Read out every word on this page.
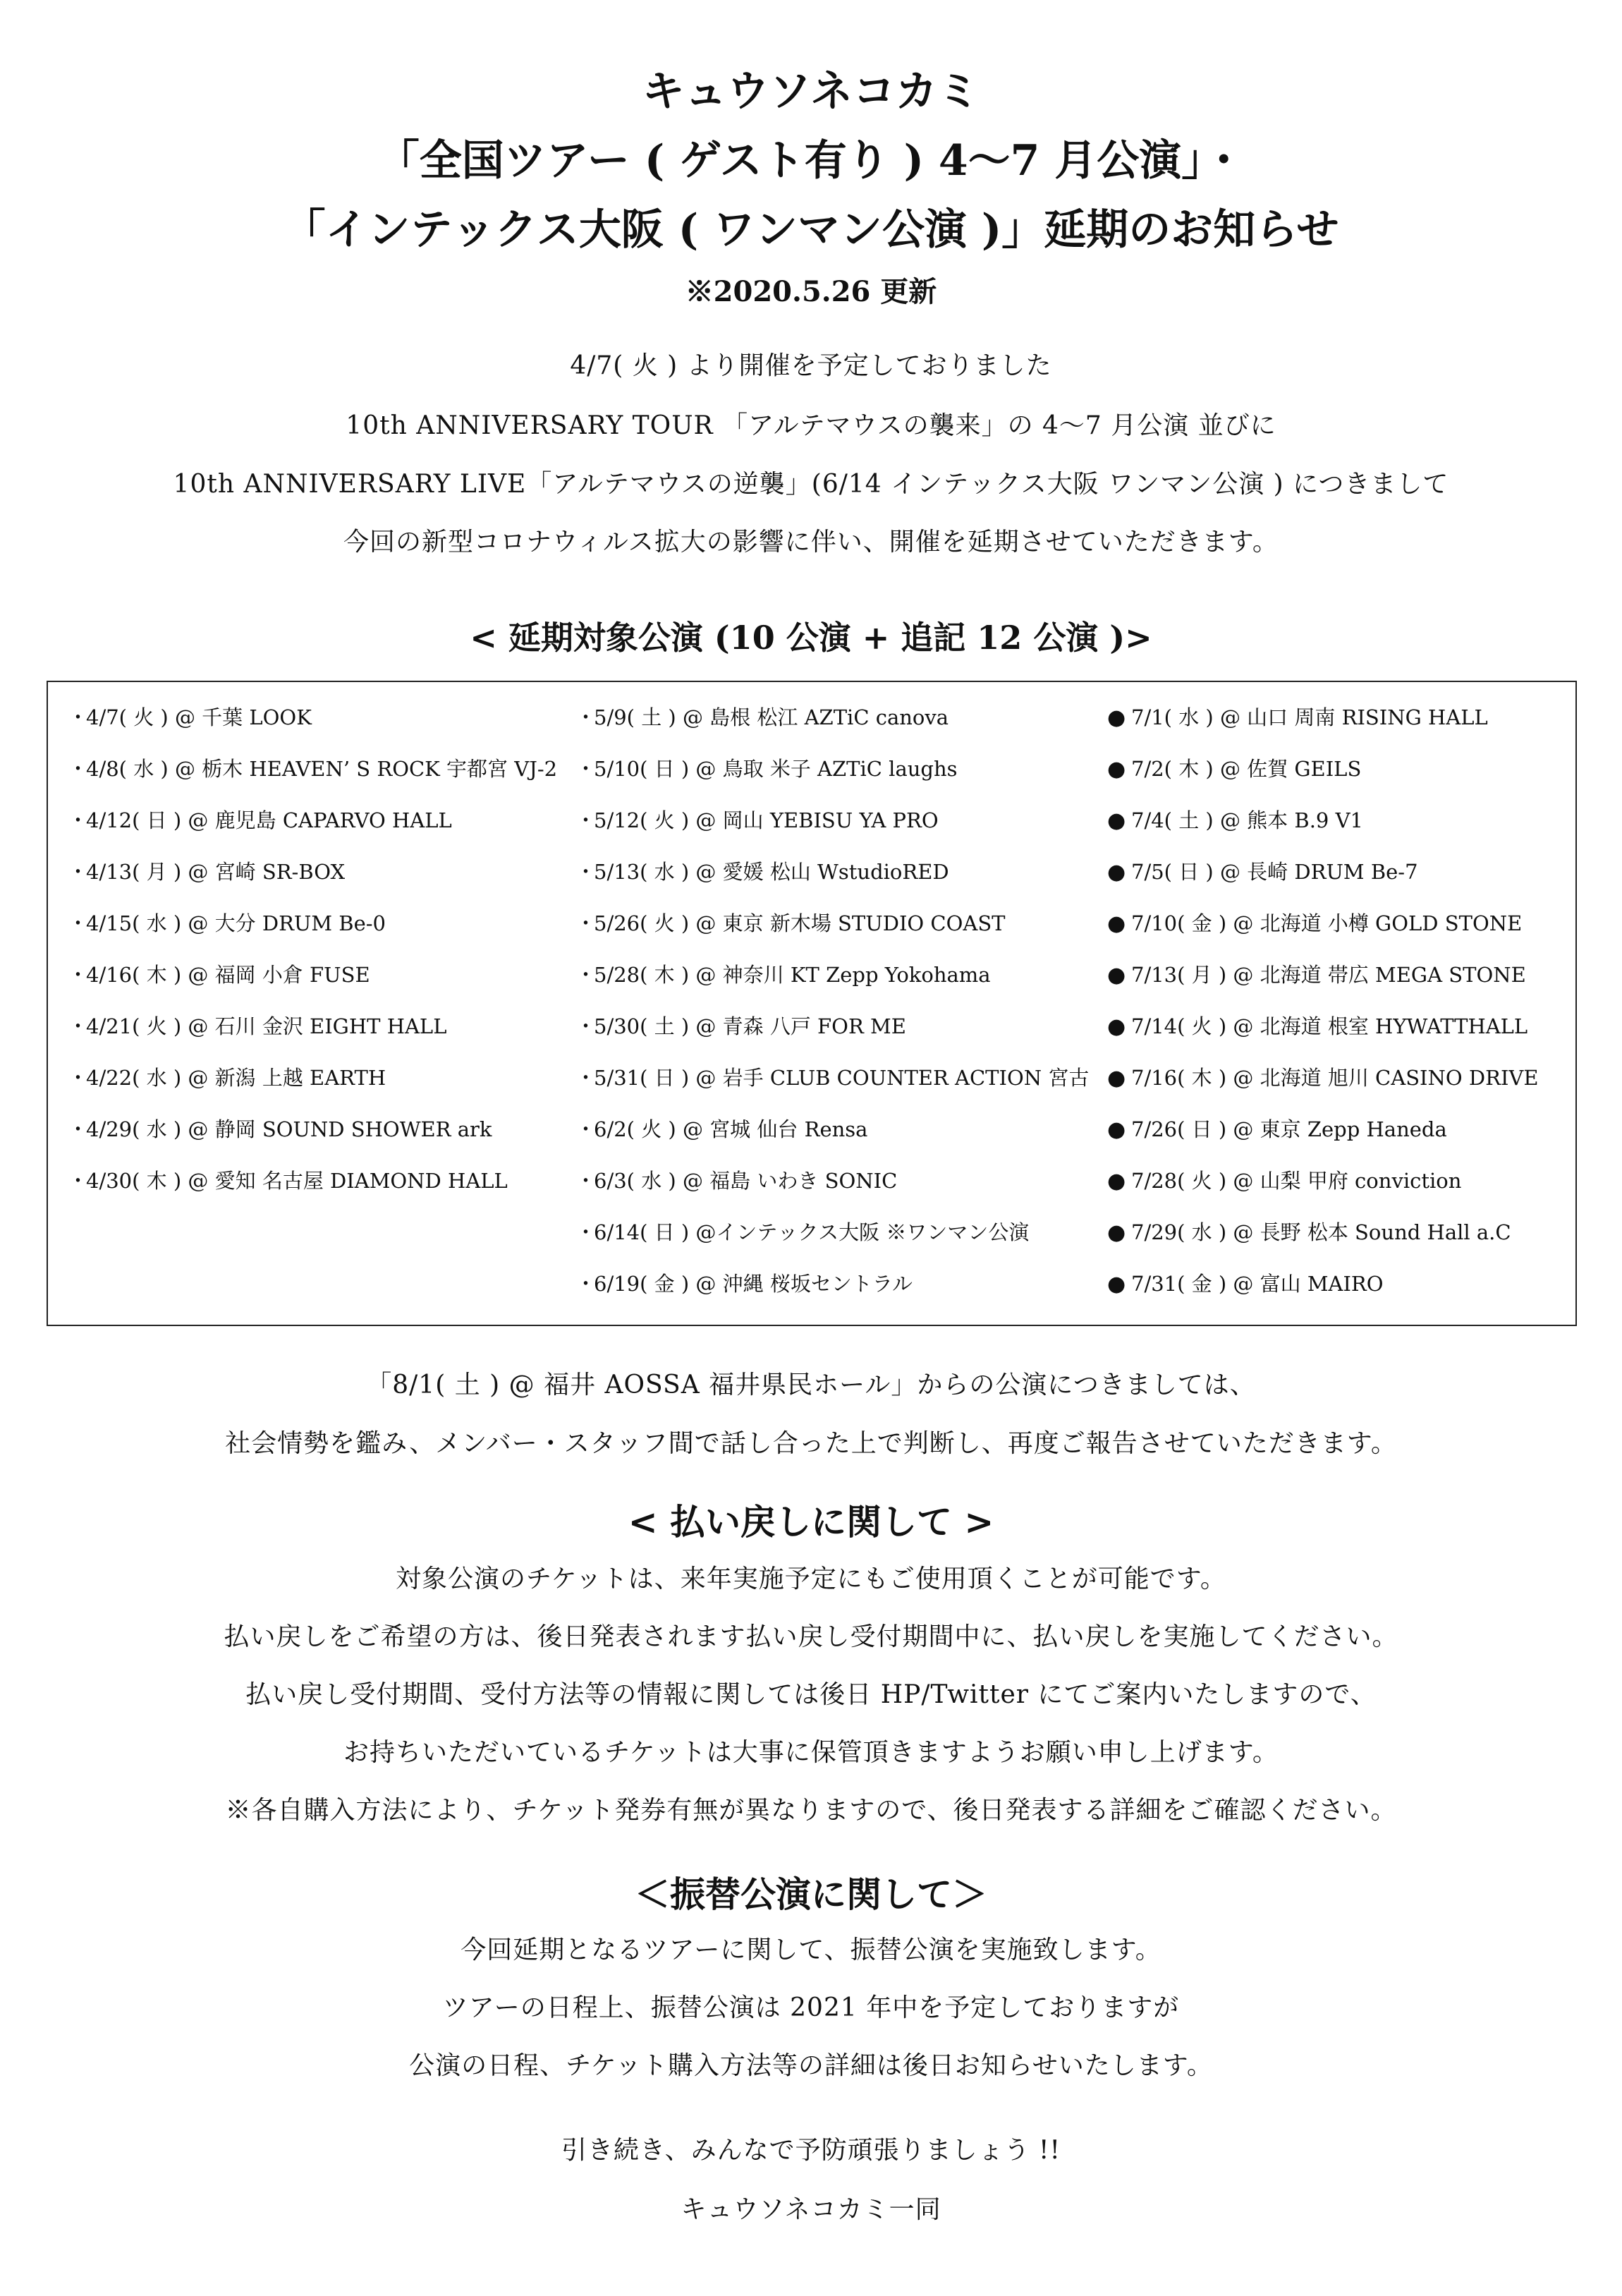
キュウソネコカミ
「全国ツアー ( ゲスト有り ) 4〜7 月公演」・
「インテックス大阪 ( ワンマン公演 )」延期のお知らせ
※2020.5.26 更新
4/7( 火 ) より開催を予定しておりました
10th ANNIVERSARY TOUR 「アルテマウスの襲来」の 4〜7 月公演 並びに
10th ANNIVERSARY LIVE「アルテマウスの逆襲」(6/14 インテックス大阪 ワンマン公演 ) につきまして
今回の新型コロナウィルス拡大の影響に伴い、開催を延期させていただきます。
< 延期対象公演 (10 公演 + 追記 12 公演 )>
・4/7( 火 ) @ 千葉 LOOK
・4/8( 水 ) @ 栃木 HEAVEN’ S ROCK 宇都宮 VJ-2
・4/12( 日 ) @ 鹿児島 CAPARVO HALL
・4/13( 月 ) @ 宮崎 SR-BOX
・4/15( 水 ) @ 大分 DRUM Be-0
・4/16( 木 ) @ 福岡 小倉 FUSE
・4/21( 火 ) @ 石川 金沢 EIGHT HALL
・4/22( 水 ) @ 新潟 上越 EARTH
・4/29( 水 ) @ 静岡 SOUND SHOWER ark
・4/30( 木 ) @ 愛知 名古屋 DIAMOND HALL
・5/9( 土 ) @ 島根 松江 AZTiC canova
・5/10( 日 ) @ 鳥取 米子 AZTiC laughs
・5/12( 火 ) @ 岡山 YEBISU YA PRO
・5/13( 水 ) @ 愛媛 松山 WstudioRED
・5/26( 火 ) @ 東京 新木場 STUDIO COAST
・5/28( 木 ) @ 神奈川 KT Zepp Yokohama
・5/30( 土 ) @ 青森 八戸 FOR ME
・5/31( 日 ) @ 岩手 CLUB COUNTER ACTION 宮古
・6/2( 火 ) @ 宮城 仙台 Rensa
・6/3( 水 ) @ 福島 いわき SONIC
・6/14( 日 ) @インテックス大阪 ※ワンマン公演
・6/19( 金 ) @ 沖縄 桜坂セントラル
● 7/1( 水 ) @ 山口 周南 RISING HALL
● 7/2( 木 ) @ 佐賀 GEILS
● 7/4( 土 ) @ 熊本 B.9 V1
● 7/5( 日 ) @ 長崎 DRUM Be-7
● 7/10( 金 ) @ 北海道 小樽 GOLD STONE
● 7/13( 月 ) @ 北海道 帯広 MEGA STONE
● 7/14( 火 ) @ 北海道 根室 HYWATTHALL
● 7/16( 木 ) @ 北海道 旭川 CASINO DRIVE
● 7/26( 日 ) @ 東京 Zepp Haneda
● 7/28( 火 ) @ 山梨 甲府 conviction
● 7/29( 水 ) @ 長野 松本 Sound Hall a.C
● 7/31( 金 ) @ 富山 MAIRO
「8/1( 土 ) @ 福井 AOSSA 福井県民ホール」からの公演につきましては、
社会情勢を鑑み、メンバー・スタッフ間で話し合った上で判断し、再度ご報告させていただきます。
< 払い戻しに関して >
対象公演のチケットは、来年実施予定にもご使用頂くことが可能です。
払い戻しをご希望の方は、後日発表されます払い戻し受付期間中に、払い戻しを実施してください。
払い戻し受付期間、受付方法等の情報に関しては後日 HP/Twitter にてご案内いたしますので、
お持ちいただいているチケットは大事に保管頂きますようお願い申し上げます。
※各自購入方法により、チケット発券有無が異なりますので、後日発表する詳細をご確認ください。
＜振替公演に関して＞
今回延期となるツアーに関して、振替公演を実施致します。
ツアーの日程上、振替公演は 2021 年中を予定しておりますが
公演の日程、チケット購入方法等の詳細は後日お知らせいたします。
引き続き、みんなで予防頑張りましょう !!
キュウソネコカミ一同
